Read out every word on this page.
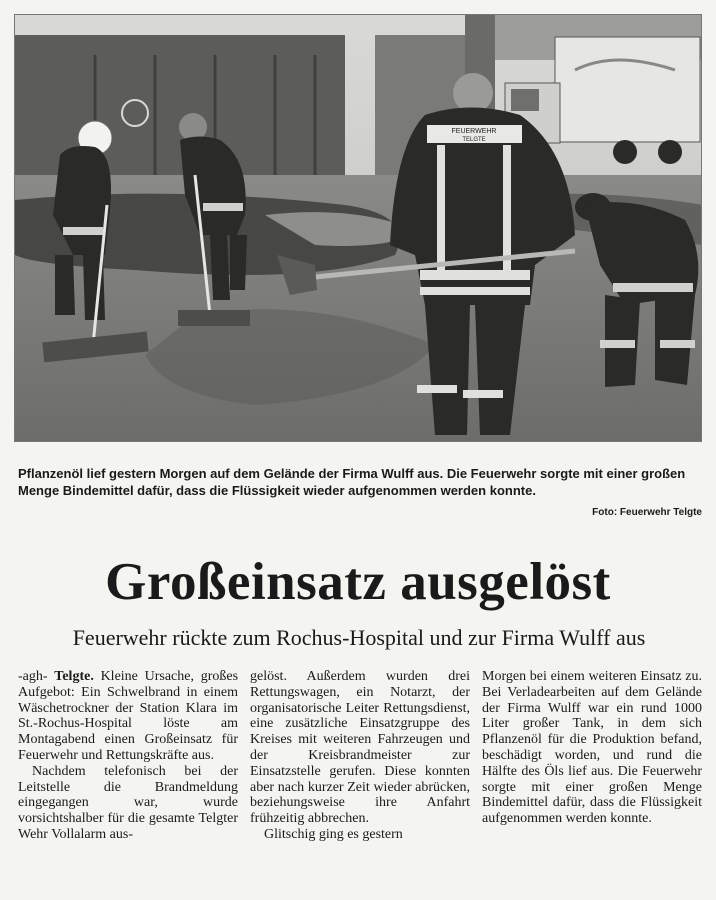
FEUERWEHR
TELGTE
Pflanzenöl lief gestern Morgen auf dem Gelände der Firma Wulff aus. Die Feuerwehr sorgte mit einer großen Menge Bindemittel dafür, dass die Flüssigkeit wieder aufgenommen werden konnte.
Foto: Feuerwehr Telgte
Großeinsatz ausgelöst
Feuerwehr rückte zum Rochus-Hospital und zur Firma Wulff aus

-agh- Telgte. Kleine Ursache, großes Aufgebot: Ein Schwelbrand in einem Wäschetrockner der Station Klara im St.-Rochus-Hospital löste am Montagabend einen Großeinsatz für Feuerwehr und Rettungskräfte aus.

Nachdem telefonisch bei der Leitstelle die Brandmeldung eingegangen war, wurde vorsichtshalber für die gesamte Telgter Wehr Vollalarm aus-

gelöst. Außerdem wurden drei Rettungswagen, ein Notarzt, der organisatorische Leiter Rettungsdienst, eine zusätzliche Einsatzgruppe des Kreises mit weiteren Fahrzeugen und der Kreisbrandmeister zur Einsatzstelle gerufen. Diese konnten aber nach kurzer Zeit wieder abrücken, beziehungsweise ihre Anfahrt frühzeitig abbrechen.

Glitschig ging es gestern

Morgen bei einem weiteren Einsatz zu. Bei Verladearbeiten auf dem Gelände der Firma Wulff war ein rund 1000 Liter großer Tank, in dem sich Pflanzenöl für die Produktion befand, beschädigt worden, und rund die Hälfte des Öls lief aus. Die Feuerwehr sorgte mit einer großen Menge Bindemittel dafür, dass die Flüssigkeit aufgenommen werden konnte.
